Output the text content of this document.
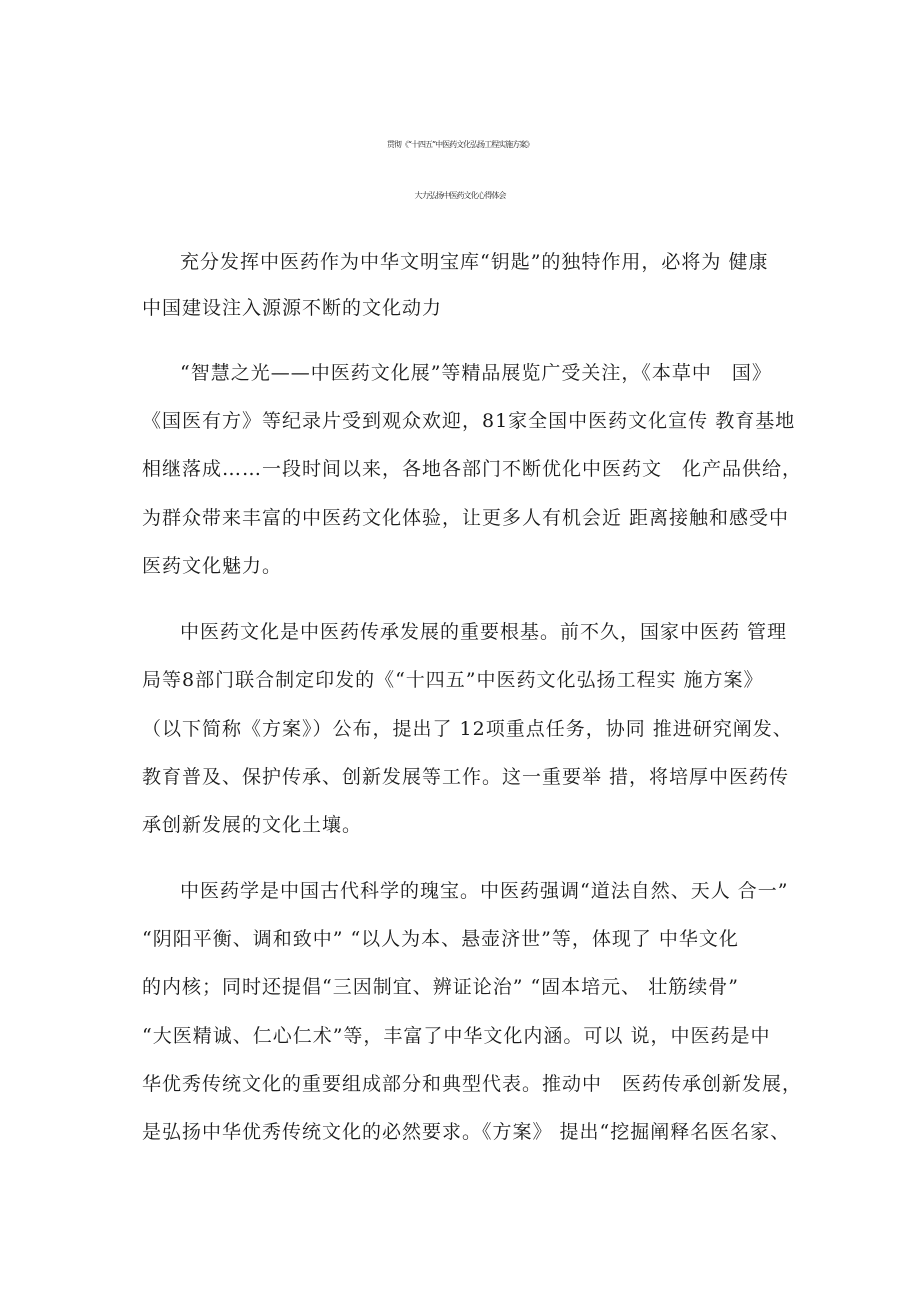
贯彻《“十四五”中医药文化弘扬工程实施方案》
大力弘扬中医药文化心得体会
充分发挥中医药作为中华文明宝库“钥匙”的独特作用，必将为 健康
中国建设注入源源不断的文化动力
“智慧之光——中医药文化展”等精品展览广受关注，《本草中　国》
《国医有方》等纪录片受到观众欢迎，81家全国中医药文化宣传 教育基地
相继落成……一段时间以来，各地各部门不断优化中医药文　化产品供给，
为群众带来丰富的中医药文化体验，让更多人有机会近 距离接触和感受中
医药文化魅力。
中医药文化是中医药传承发展的重要根基。前不久，国家中医药 管理
局等8部门联合制定印发的《“十四五”中医药文化弘扬工程实 施方案》
（以下简称《方案》）公布，提出了 12项重点任务，协同 推进研究阐发、
教育普及、保护传承、创新发展等工作。这一重要举 措，将培厚中医药传
承创新发展的文化土壤。
中医药学是中国古代科学的瑰宝。中医药强调“道法自然、天人 合一”
“阴阳平衡、调和致中” “以人为本、悬壶济世”等，体现了 中华文化
的内核；同时还提倡“三因制宜、辨证论治” “固本培元、 壮筋续骨”
“大医精诚、仁心仁术”等，丰富了中华文化内涵。可以 说，中医药是中
华优秀传统文化的重要组成部分和典型代表。推动中　医药传承创新发展，
是弘扬中华优秀传统文化的必然要求。《方案》 提出“挖掘阐释名医名家、
